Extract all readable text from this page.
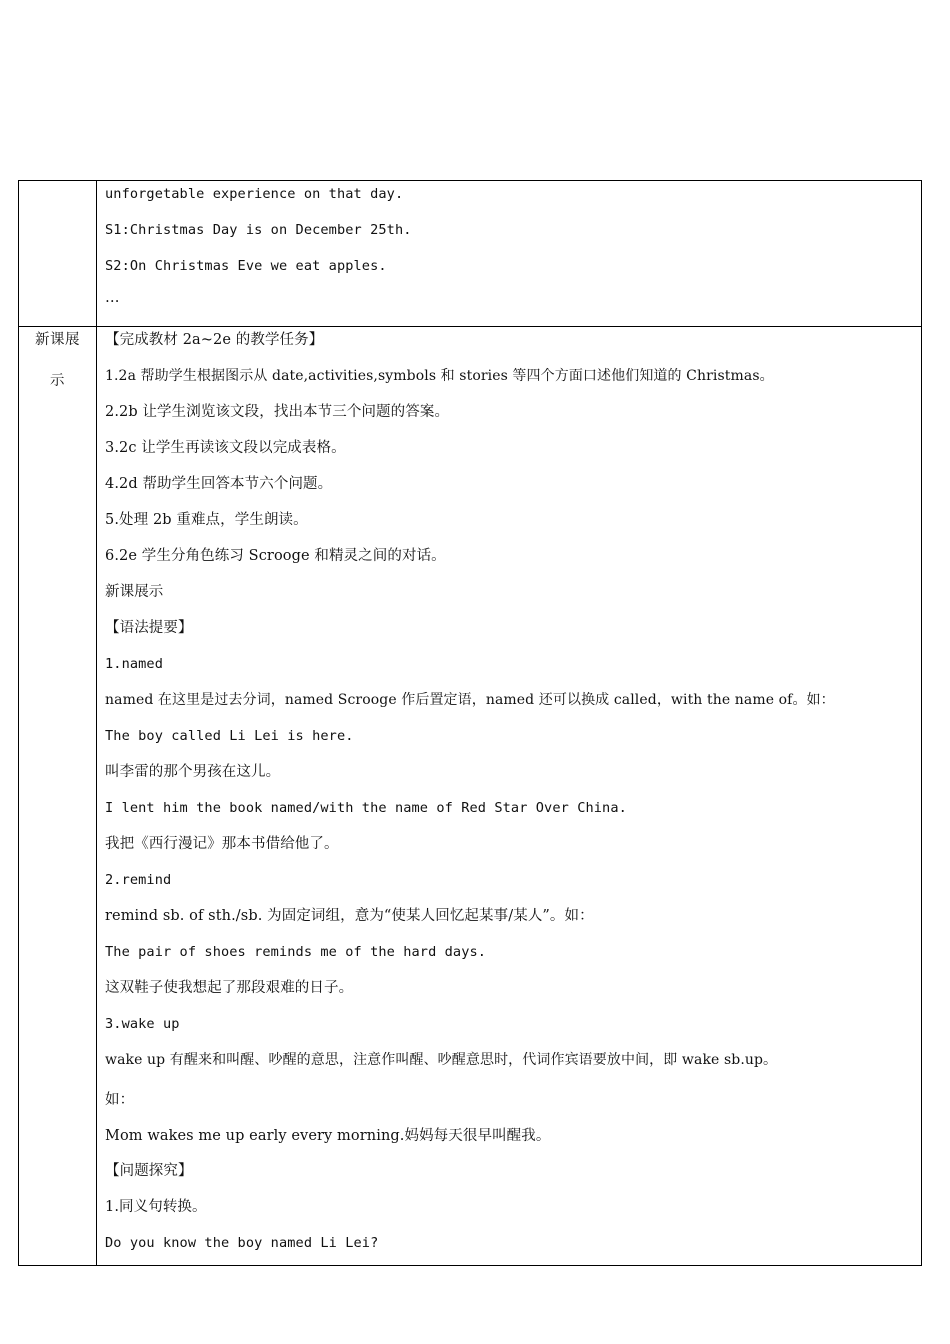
unforgetable experience on that day.
S1:Christmas Day is on December 25th.
S2:On Christmas Eve we eat apples.
…
新课展
示
【完成教材 2a~2e 的教学任务】
1.2a 帮助学生根据图示从 date,activities,symbols 和 stories 等四个方面口述他们知道的 Christmas。
2.2b 让学生浏览该文段，找出本节三个问题的答案。
3.2c 让学生再读该文段以完成表格。
4.2d 帮助学生回答本节六个问题。
5.处理 2b 重难点，学生朗读。
6.2e 学生分角色练习 Scrooge 和精灵之间的对话。
新课展示
【语法提要】
1.named
named 在这里是过去分词，named Scrooge 作后置定语，named 还可以换成 called，with the name of。如：
The boy called Li Lei is here.
叫李雷的那个男孩在这儿。
I lent him the book named/with the name of Red Star Over China.
我把《西行漫记》那本书借给他了。
2.remind
remind sb. of sth./sb. 为固定词组，意为“使某人回忆起某事/某人”。如：
The pair of shoes reminds me of the hard days.
这双鞋子使我想起了那段艰难的日子。
3.wake up
wake up 有醒来和叫醒、吵醒的意思，注意作叫醒、吵醒意思时，代词作宾语要放中间，即 wake sb.up。
如：
Mom wakes me up early every morning.妈妈每天很早叫醒我。
【问题探究】
1.同义句转换。
Do you know the boy named Li Lei?
